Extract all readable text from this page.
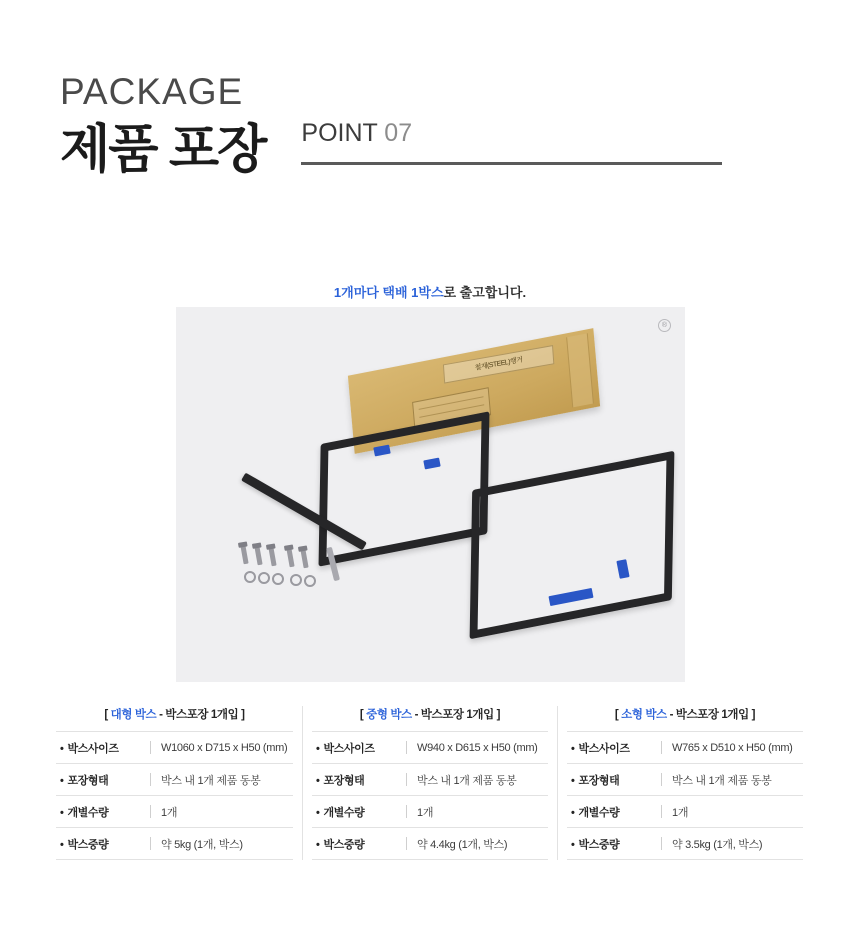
PACKAGE
제품 포장 POINT 07
1개마다 택배 1박스로 출고합니다.
®
철재(STEEL)행거
[ 대형 박스 - 박스포장 1개입 ]
• 박스사이즈	W1060 x D715 x H50 (mm)
• 포장형태	박스 내 1개 제품 동봉
• 개별수량	1개
• 박스중량	약 5kg (1개, 박스)
[ 중형 박스 - 박스포장 1개입 ]
• 박스사이즈	W940 x D615 x H50 (mm)
• 포장형태	박스 내 1개 제품 동봉
• 개별수량	1개
• 박스중량	약 4.4kg (1개, 박스)
[ 소형 박스 - 박스포장 1개입 ]
• 박스사이즈	W765 x D510 x H50 (mm)
• 포장형태	박스 내 1개 제품 동봉
• 개별수량	1개
• 박스중량	약 3.5kg (1개, 박스)
